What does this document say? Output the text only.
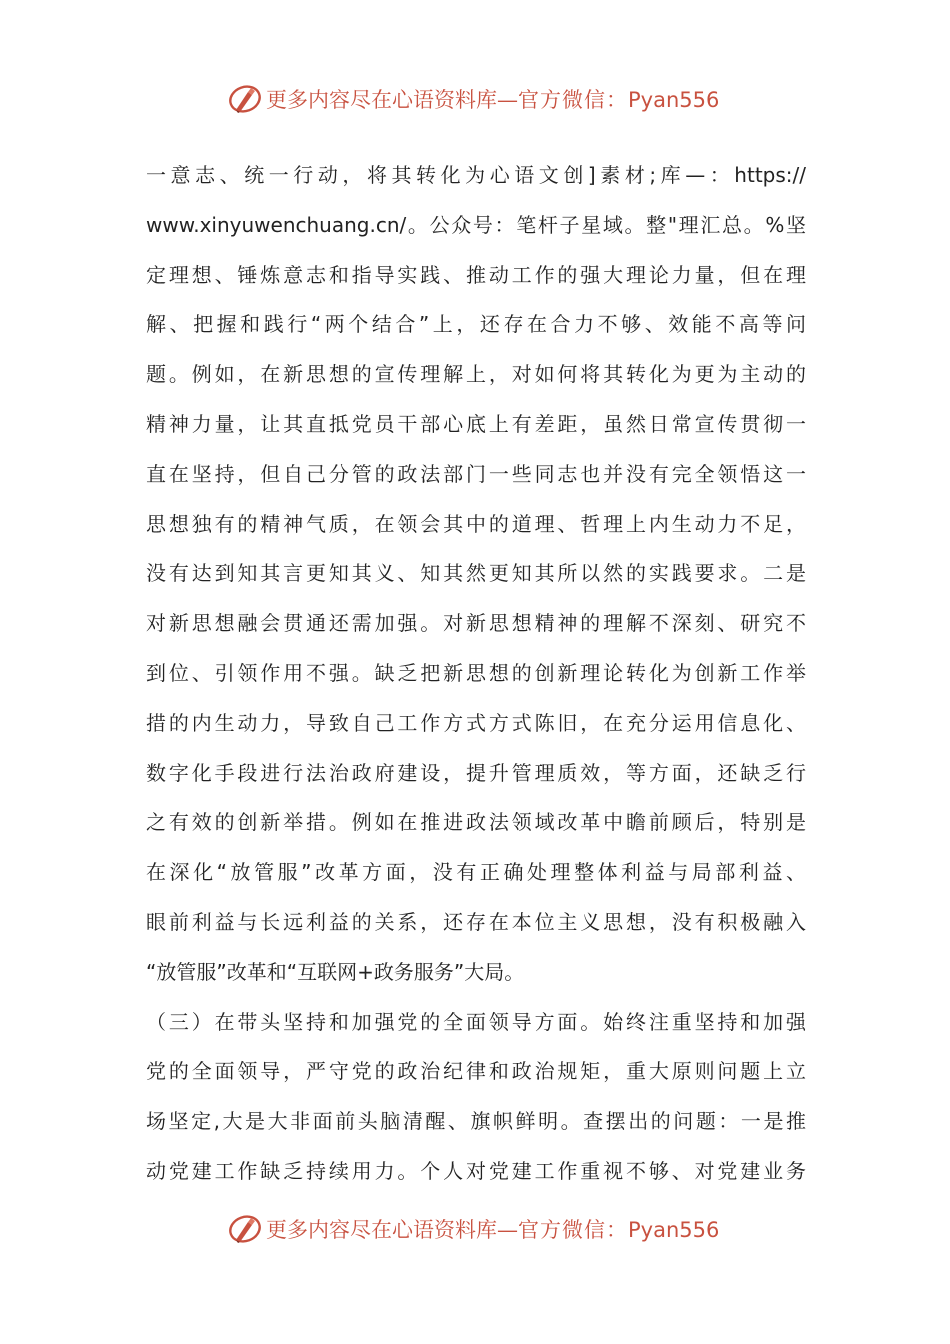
更多内容尽在心语资料库—官方微信：Pyan556
一意志、统一行动，将其转化为心语文创]素材;库—：https://
www.xinyuwenchuang.cn/。公众号：笔杆子星域。整"理汇总。%坚
定理想、锤炼意志和指导实践、推动工作的强大理论力量，但在理
解、把握和践行“两个结合”上，还存在合力不够、效能不高等问
题。例如，在新思想的宣传理解上，对如何将其转化为更为主动的
精神力量，让其直抵党员干部心底上有差距，虽然日常宣传贯彻一
直在坚持，但自己分管的政法部门一些同志也并没有完全领悟这一
思想独有的精神气质，在领会其中的道理、哲理上内生动力不足，
没有达到知其言更知其义、知其然更知其所以然的实践要求。二是
对新思想融会贯通还需加强。对新思想精神的理解不深刻、研究不
到位、引领作用不强。缺乏把新思想的创新理论转化为创新工作举
措的内生动力，导致自己工作方式方式陈旧，在充分运用信息化、
数字化手段进行法治政府建设，提升管理质效，等方面，还缺乏行
之有效的创新举措。例如在推进政法领域改革中瞻前顾后，特别是
在深化“放管服”改革方面，没有正确处理整体利益与局部利益、
眼前利益与长远利益的关系，还存在本位主义思想，没有积极融入
“放管服”改革和“互联网+政务服务”大局。
（三）在带头坚持和加强党的全面领导方面。始终注重坚持和加强
党的全面领导，严守党的政治纪律和政治规矩，重大原则问题上立
场坚定,大是大非面前头脑清醒、旗帜鲜明。查摆出的问题：一是推
动党建工作缺乏持续用力。个人对党建工作重视不够、对党建业务
更多内容尽在心语资料库—官方微信：Pyan556
